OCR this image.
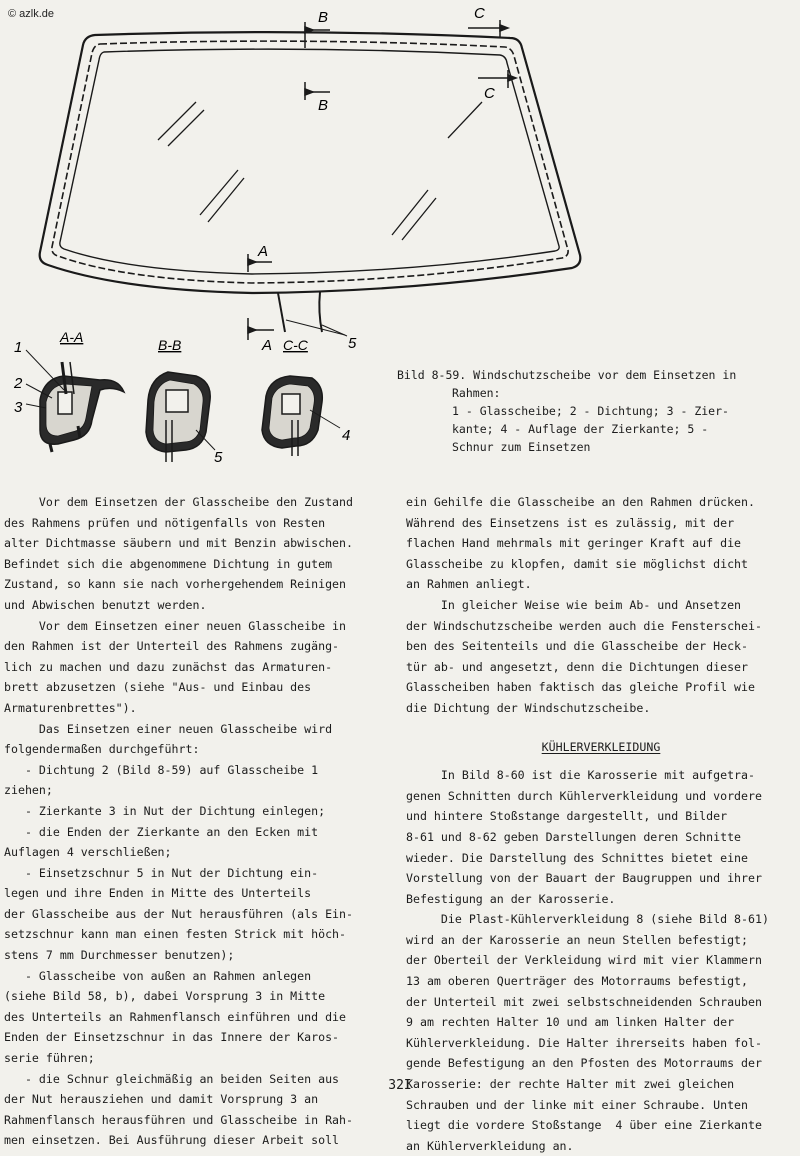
© azlk.de	B
B
C
C
A
A	5
A-A	B-B	C-C
1
2
3
4
5
Bild 8-59. Windschutzscheibe vor dem Einsetzen in
Rahmen:
1 - Glasscheibe; 2 - Dichtung; 3 - Zier-
kante; 4 - Auflage der Zierkante; 5 -
Schnur zum Einsetzen

Vor dem Einsetzen der Glasscheibe den Zustand

des Rahmens prüfen und nötigenfalls von Resten

alter Dichtmasse säubern und mit Benzin abwischen.

Befindet sich die abgenommene Dichtung in gutem

Zustand, so kann sie nach vorhergehendem Reinigen

und Abwischen benutzt werden.

Vor dem Einsetzen einer neuen Glasscheibe in

den Rahmen ist der Unterteil des Rahmens zugäng-

lich zu machen und dazu zunächst das Armaturen-

brett abzusetzen (siehe "Aus- und Einbau des

Armaturenbrettes").

Das Einsetzen einer neuen Glasscheibe wird

folgendermaßen durchgeführt:

- Dichtung 2 (Bild 8-59) auf Glasscheibe 1

ziehen;

- Zierkante 3 in Nut der Dichtung einlegen;

- die Enden der Zierkante an den Ecken mit

Auflagen 4 verschließen;

- Einsetzschnur 5 in Nut der Dichtung ein-

legen und ihre Enden in Mitte des Unterteils

der Glasscheibe aus der Nut herausführen (als Ein-

setzschnur kann man einen festen Strick mit höch-

stens 7 mm Durchmesser benutzen);

- Glasscheibe von außen an Rahmen anlegen

(siehe Bild 58, b), dabei Vorsprung 3 in Mitte

des Unterteils an Rahmenflansch einführen und die

Enden der Einsetzschnur in das Innere der Karos-

serie führen;

- die Schnur gleichmäßig an beiden Seiten aus

der Nut herausziehen und damit Vorsprung 3 an

Rahmenflansch herausführen und Glasscheibe in Rah-

men einsetzen. Bei Ausführung dieser Arbeit soll

ein Gehilfe die Glasscheibe an den Rahmen drücken.

Während des Einsetzens ist es zulässig, mit der

flachen Hand mehrmals mit geringer Kraft auf die

Glasscheibe zu klopfen, damit sie möglichst dicht

an Rahmen anliegt.

In gleicher Weise wie beim Ab- und Ansetzen

der Windschutzscheibe werden auch die Fensterschei-

ben des Seitenteils und die Glasscheibe der Heck-

tür ab- und angesetzt, denn die Dichtungen dieser

Glasscheiben haben faktisch das gleiche Profil wie

die Dichtung der Windschutzscheibe.

KÜHLERVERKLEIDUNG

In Bild 8-60 ist die Karosserie mit aufgetra-

genen Schnitten durch Kühlerverkleidung und vordere

und hintere Stoßstange dargestellt, und Bilder

8-61 und 8-62 geben Darstellungen deren Schnitte

wieder. Die Darstellung des Schnittes bietet eine

Vorstellung von der Bauart der Baugruppen und ihrer

Befestigung an der Karosserie.

Die Plast-Kühlerverkleidung 8 (siehe Bild 8-61)

wird an der Karosserie an neun Stellen befestigt;

der Oberteil der Verkleidung wird mit vier Klammern

13 am oberen Querträger des Motorraums befestigt,

der Unterteil mit zwei selbstschneidenden Schrauben

9 am rechten Halter 10 und am linken Halter der

Kühlerverkleidung. Die Halter ihrerseits haben fol-

gende Befestigung an den Pfosten des Motorraums der

Karosserie: der rechte Halter mit zwei gleichen

Schrauben und der linke mit einer Schraube. Unten

liegt die vordere Stoßstange  4 über eine Zierkante

an Kühlerverkleidung an.

32I
